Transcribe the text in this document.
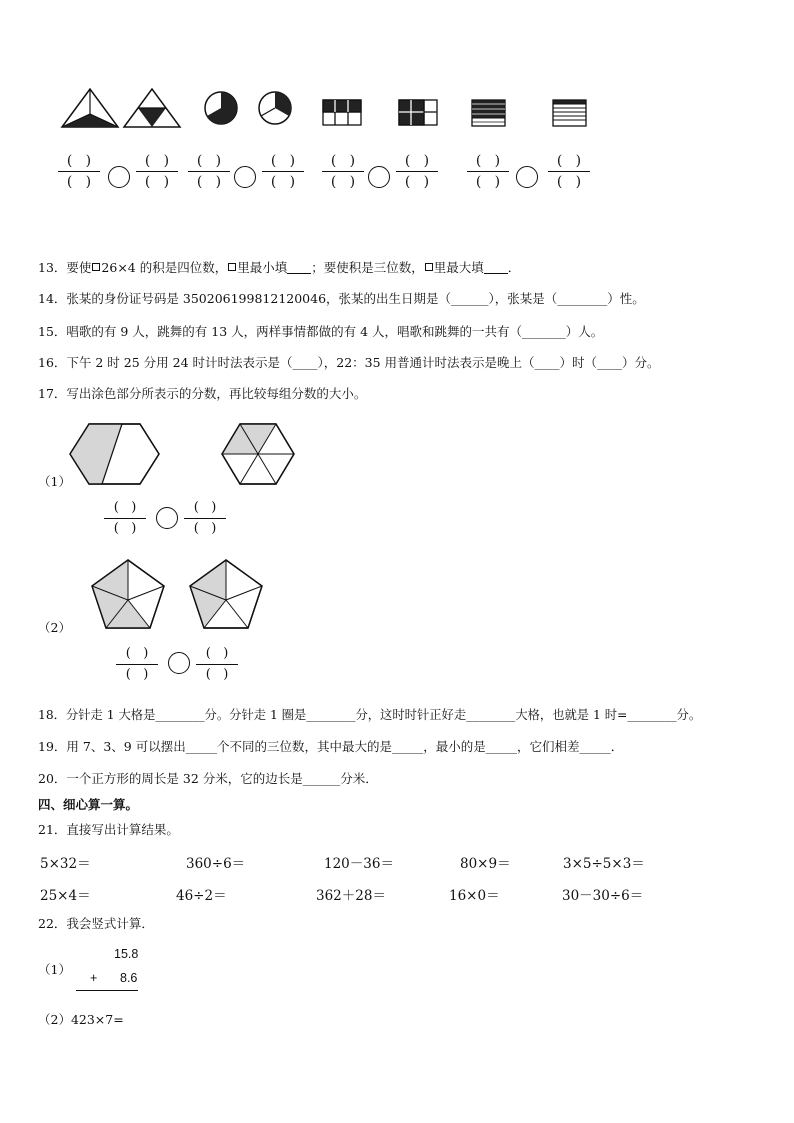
(   )
(   )
(   )
(   )
(   )
(   )
(   )
(   )
(   )
(   )
(   )
(   )
(   )
(   )
(   )
(   )
13．要使 26×4 的积是四位数， 里最小填 ；要使积是三位数， 里最大填 ．
14．张某的身份证号码是 350206199812120046，张某的出生日期是（______），张某是（________）性。
15．唱歌的有 9 人，跳舞的有 13 人，两样事情都做的有 4 人，唱歌和跳舞的一共有（_______）人。
16．下午 2 时 25 分用 24 时计时法表示是（____），22：35 用普通计时法表示是晚上（____）时（____）分。
17．写出涂色部分所表示的分数，再比较每组分数的大小。
（1）
(   )
(   )
(   )
(   )
（2）
(   )
(   )
(   )
(   )
18．分针走 1 大格是________分。分针走 1 圈是________分，这时时针正好走________大格，也就是 1 时=________分。
19．用 7、3、9 可以摆出_____个不同的三位数，其中最大的是_____，最小的是_____，它们相差_____．
20．一个正方形的周长是 32 分米，它的边长是______分米．
四、细心算一算。
21．直接写出计算结果。
5×32＝	360÷6＝	120－36＝	80×9＝	3×5÷5×3＝
25×4＝	46÷2＝	362＋28＝	16×0＝	30－30÷6＝
22．我会竖式计算．
（1）
15.8
+ 8.6
（2）423×7=
